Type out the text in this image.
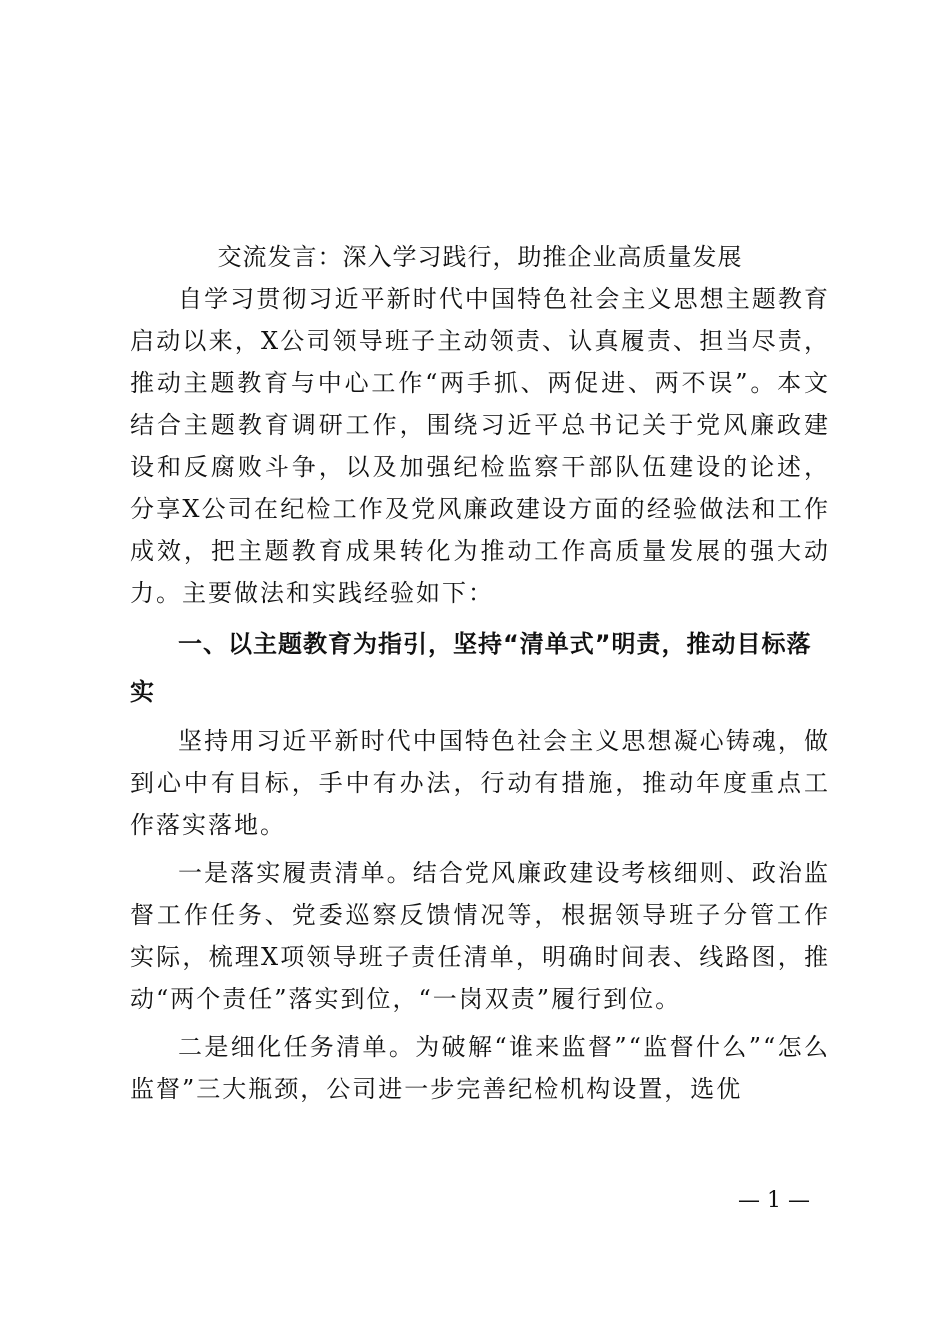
交流发言：深入学习践行，助推企业高质量发展

自学习贯彻习近平新时代中国特色社会主义思想主题教育启动以来，X公司领导班子主动领责、认真履责、担当尽责，推动主题教育与中心工作“两手抓、两促进、两不误”。本文结合主题教育调研工作，围绕习近平总书记关于党风廉政建设和反腐败斗争，以及加强纪检监察干部队伍建设的论述，分享X公司在纪检工作及党风廉政建设方面的经验做法和工作成效，把主题教育成果转化为推动工作高质量发展的强大动力。主要做法和实践经验如下：

一、以主题教育为指引，坚持“清单式”明责，推动目标落实

坚持用习近平新时代中国特色社会主义思想凝心铸魂，做到心中有目标，手中有办法，行动有措施，推动年度重点工作落实落地。

一是落实履责清单。结合党风廉政建设考核细则、政治监督工作任务、党委巡察反馈情况等，根据领导班子分管工作实际，梳理X项领导班子责任清单，明确时间表、线路图，推动“两个责任”落实到位，“一岗双责”履行到位。

二是细化任务清单。为破解“谁来监督”“监督什么”“怎么监督”三大瓶颈，公司进一步完善纪检机构设置，选优

— 1 —
